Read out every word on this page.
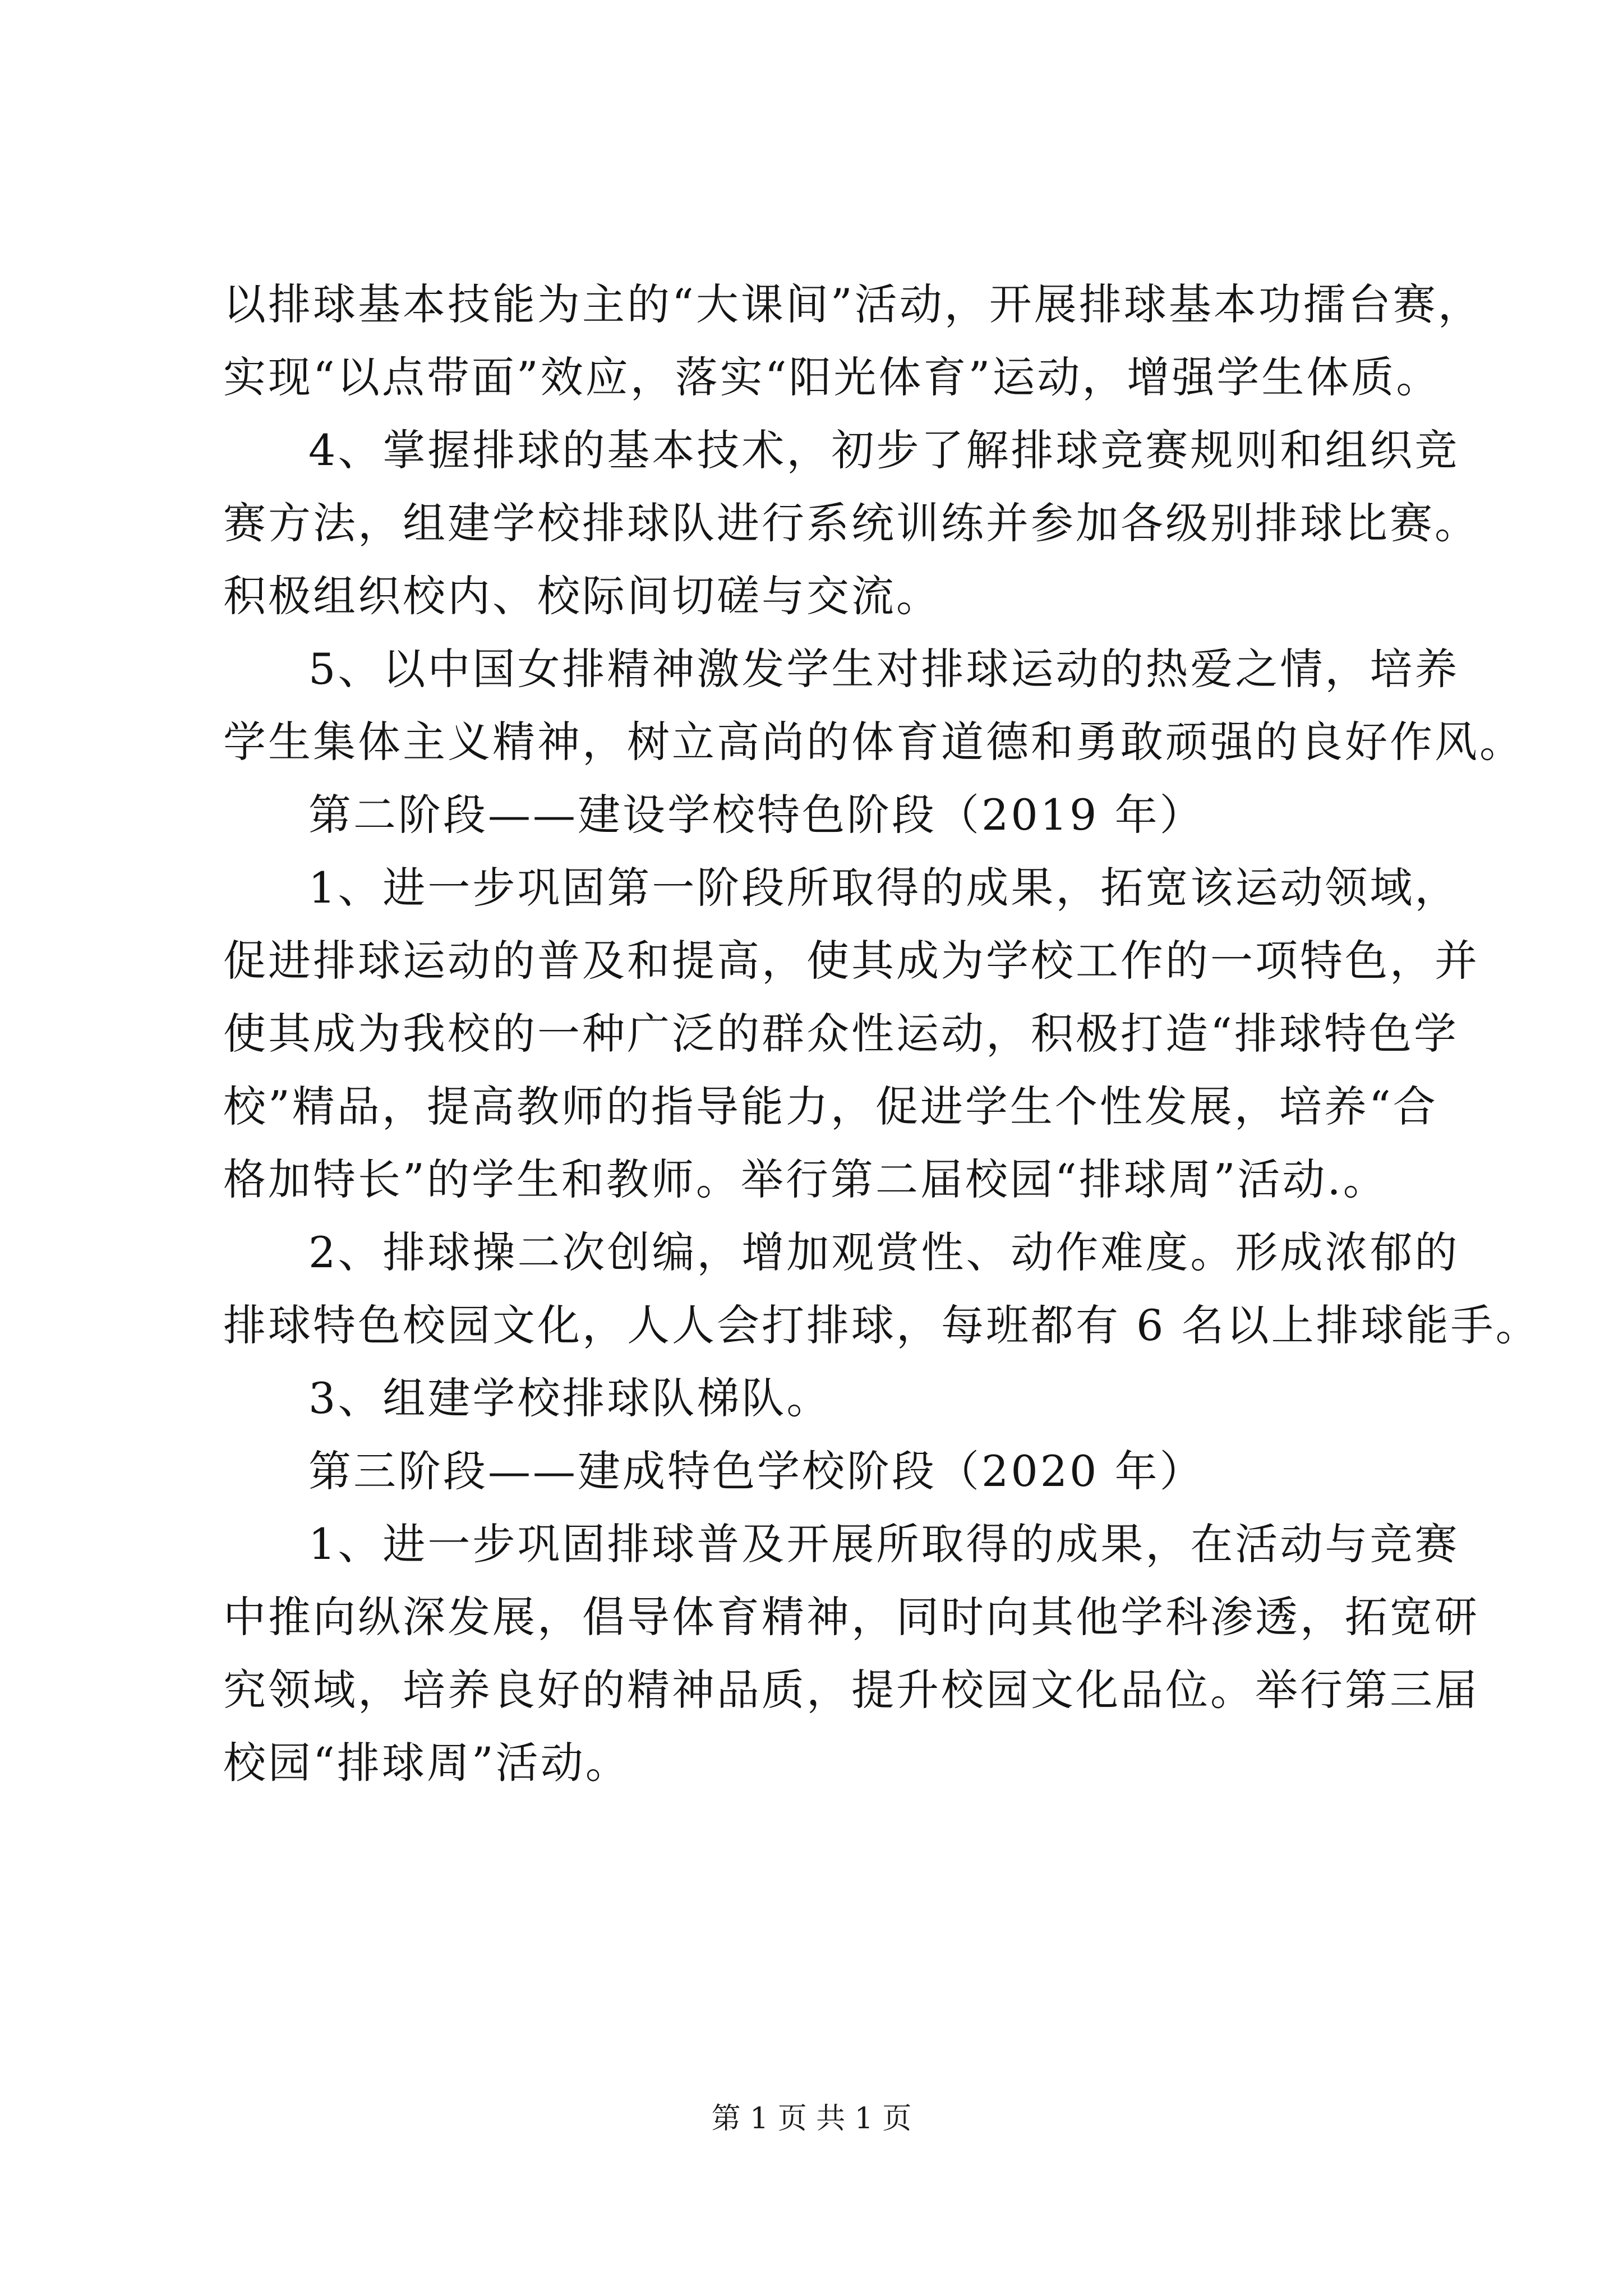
以排球基本技能为主的“大课间”活动，开展排球基本功擂台赛，
实现“以点带面”效应，落实“阳光体育”运动，增强学生体质。
4、掌握排球的基本技术，初步了解排球竞赛规则和组织竞
赛方法，组建学校排球队进行系统训练并参加各级别排球比赛。
积极组织校内、校际间切磋与交流。
5、以中国女排精神激发学生对排球运动的热爱之情，培养
学生集体主义精神，树立高尚的体育道德和勇敢顽强的良好作风。
第二阶段——建设学校特色阶段（2019 年）
1、进一步巩固第一阶段所取得的成果，拓宽该运动领域，
促进排球运动的普及和提高，使其成为学校工作的一项特色，并
使其成为我校的一种广泛的群众性运动，积极打造“排球特色学
校”精品，提高教师的指导能力，促进学生个性发展，培养“合
格加特长”的学生和教师。举行第二届校园“排球周”活动.。
2、排球操二次创编，增加观赏性、动作难度。形成浓郁的
排球特色校园文化，人人会打排球，每班都有 6 名以上排球能手。
3、组建学校排球队梯队。
第三阶段——建成特色学校阶段（2020 年）
1、进一步巩固排球普及开展所取得的成果，在活动与竞赛
中推向纵深发展，倡导体育精神，同时向其他学科渗透，拓宽研
究领域，培养良好的精神品质，提升校园文化品位。举行第三届
校园“排球周”活动。
第 1 页 共 1 页
